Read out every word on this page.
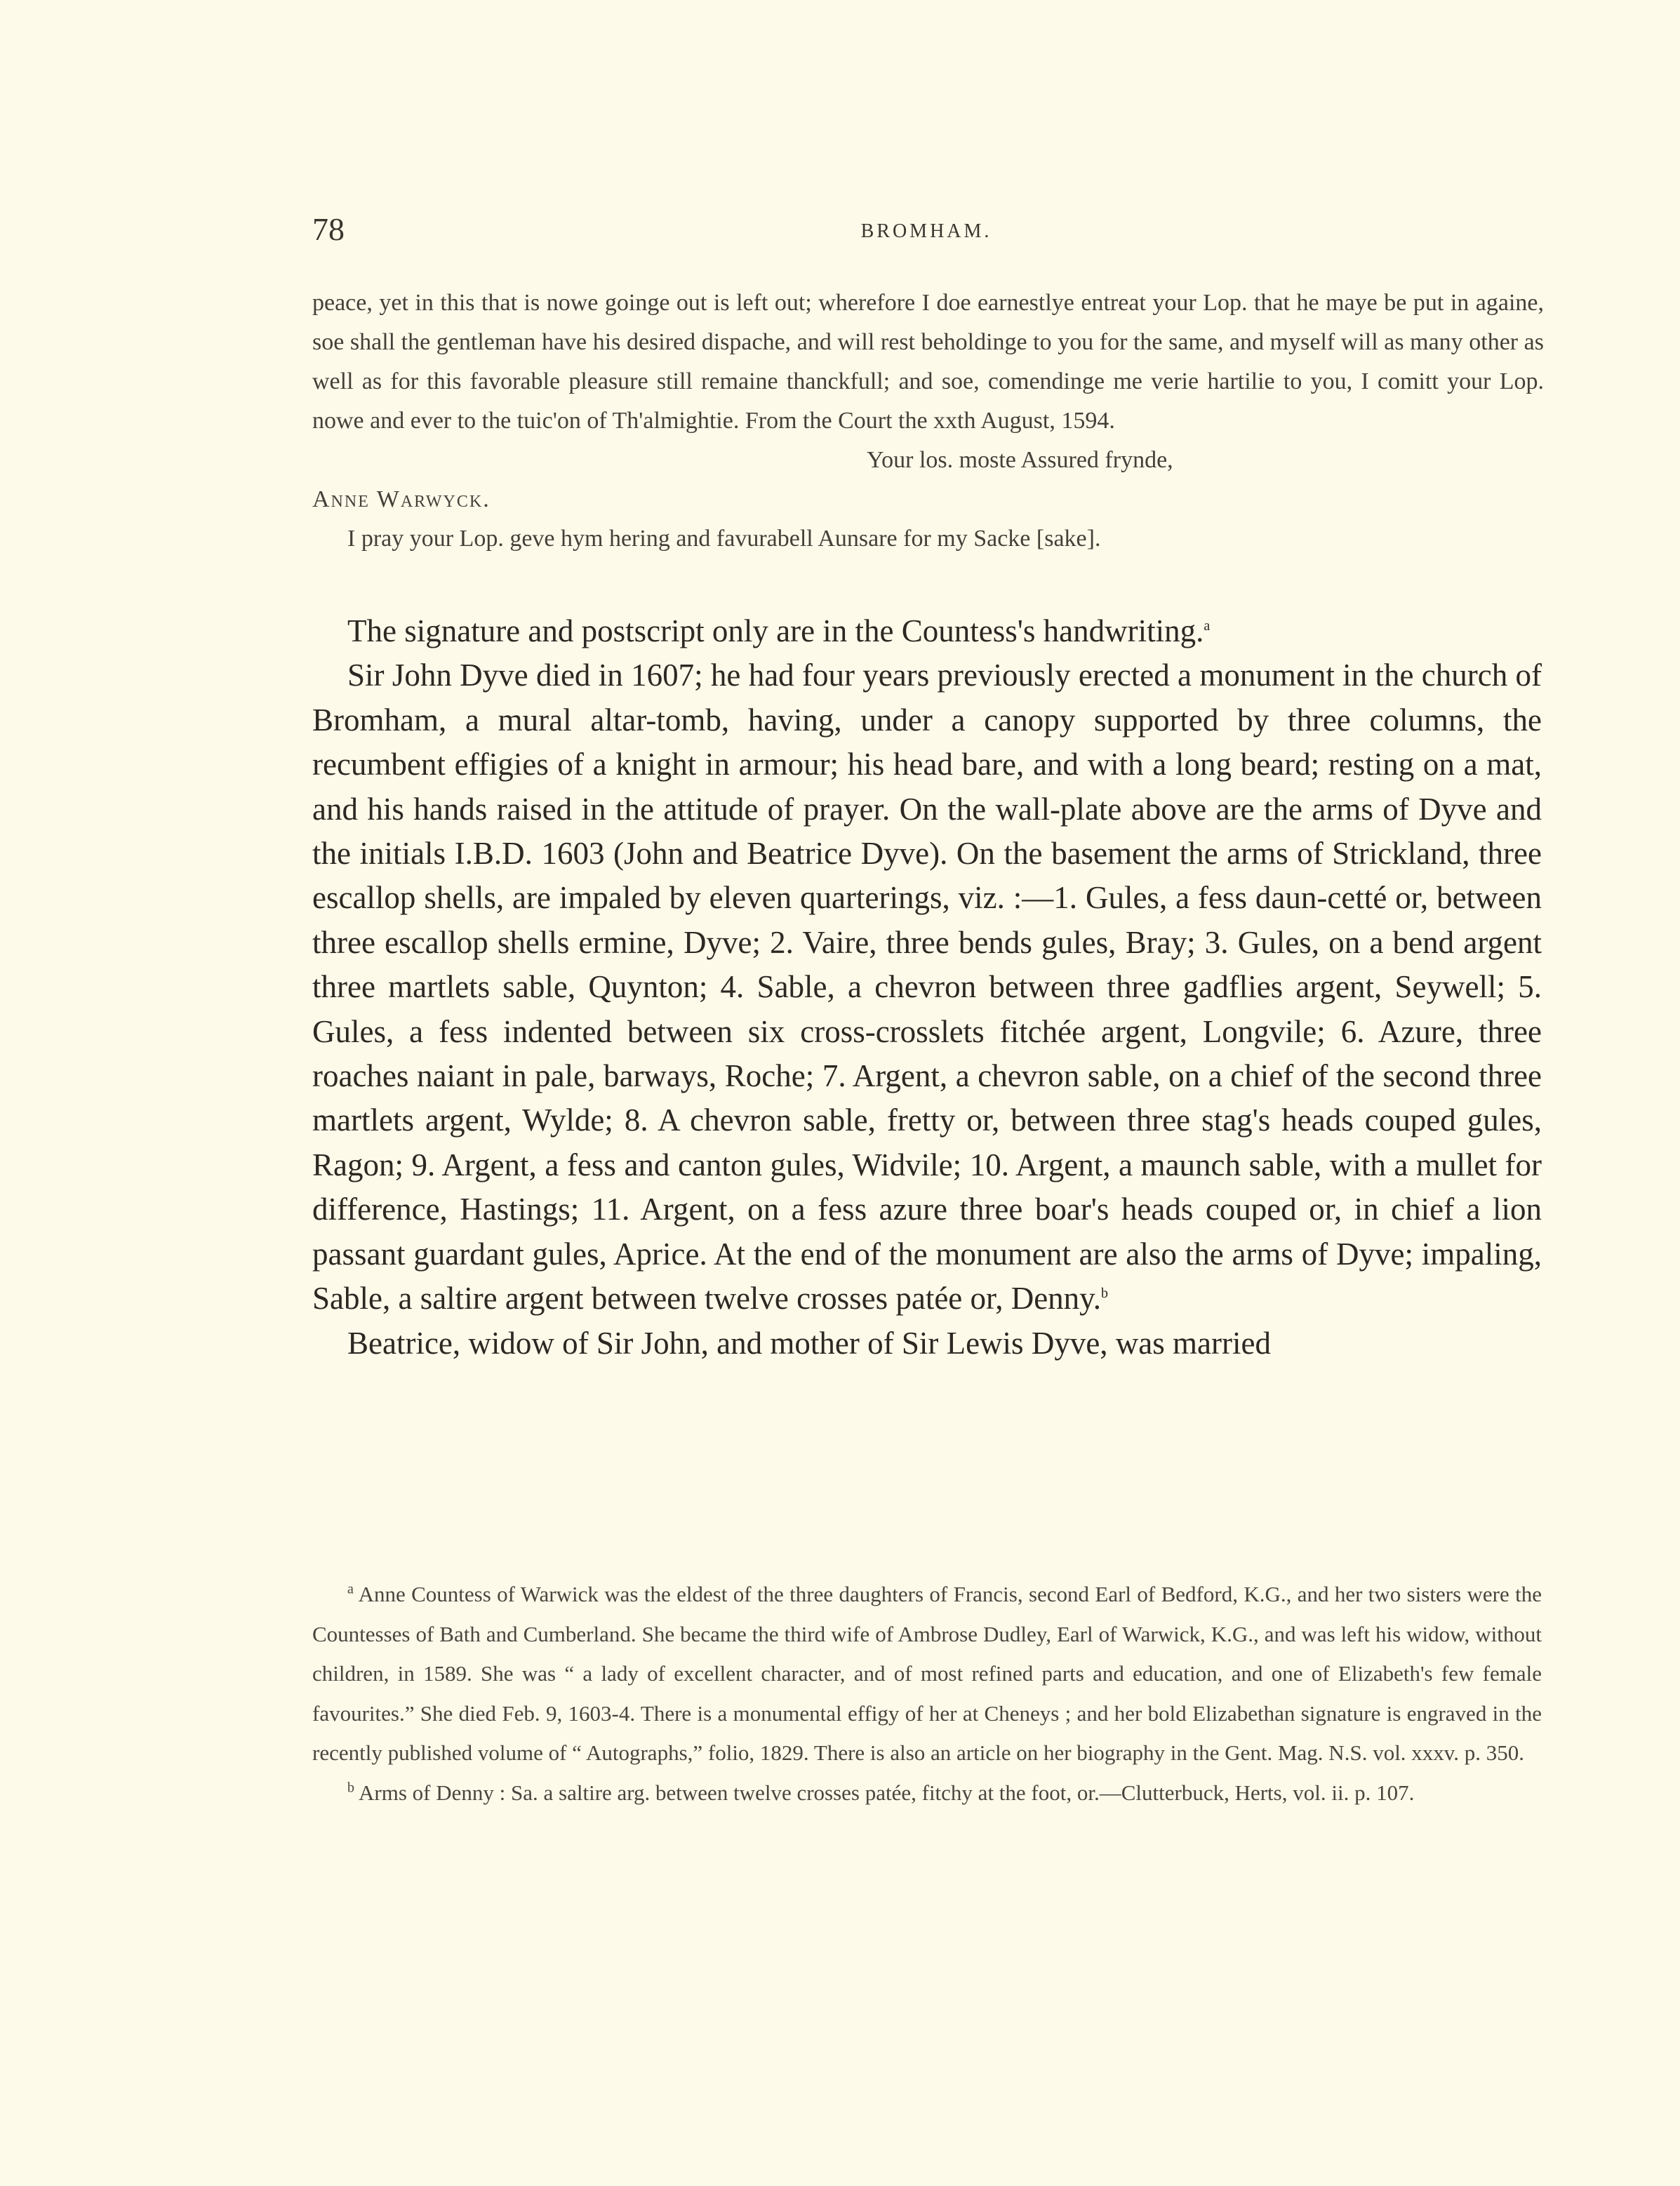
78	BROMHAM.

peace, yet in this that is nowe goinge out is left out; wherefore I doe earnestlye entreat your Lop. that he maye be put in againe, soe shall the gentleman have his desired dispache, and will rest beholdinge to you for the same, and myself will as many other as well as for this favorable pleasure still remaine thanckfull; and soe, comendinge me verie hartilie to you, I comitt your Lop. nowe and ever to the tuic'on of Th'almightie. From the Court the xxth August, 1594.

Your los. moste Assured frynde,

Anne Warwyck.

I pray your Lop. geve hym hering and favurabell Aunsare for my Sacke [sake].

The signature and postscript only are in the Countess's handwriting.$^a$

Sir John Dyve died in 1607; he had four years previously erected a monument in the church of Bromham, a mural altar-tomb, having, under a canopy supported by three columns, the recumbent effigies of a knight in armour; his head bare, and with a long beard; resting on a mat, and his hands raised in the attitude of prayer. On the wall-plate above are the arms of Dyve and the initials I.B.D. 1603 (John and Beatrice Dyve). On the basement the arms of Strickland, three escallop shells, are impaled by eleven quarterings, viz. :—1. Gules, a fess daun-cetté or, between three escallop shells ermine, Dyve; 2. Vaire, three bends gules, Bray; 3. Gules, on a bend argent three martlets sable, Quynton; 4. Sable, a chevron between three gadflies argent, Seywell; 5. Gules, a fess indented between six cross-crosslets fitchée argent, Longvile; 6. Azure, three roaches naiant in pale, barways, Roche; 7. Argent, a chevron sable, on a chief of the second three martlets argent, Wylde; 8. A chevron sable, fretty or, between three stag's heads couped gules, Ragon; 9. Argent, a fess and canton gules, Widvile; 10. Argent, a maunch sable, with a mullet for difference, Hastings; 11. Argent, on a fess azure three boar's heads couped or, in chief a lion passant guardant gules, Aprice. At the end of the monument are also the arms of Dyve; impaling, Sable, a saltire argent between twelve crosses patée or, Denny.$^b$

Beatrice, widow of Sir John, and mother of Sir Lewis Dyve, was married

$^a$ Anne Countess of Warwick was the eldest of the three daughters of Francis, second Earl of Bedford, K.G., and her two sisters were the Countesses of Bath and Cumberland. She became the third wife of Ambrose Dudley, Earl of Warwick, K.G., and was left his widow, without children, in 1589. She was “ a lady of excellent character, and of most refined parts and education, and one of Elizabeth's few female favourites.” She died Feb. 9, 1603-4. There is a monumental effigy of her at Cheneys ; and her bold Elizabethan signature is engraved in the recently published volume of “ Autographs,” folio, 1829. There is also an article on her biography in the Gent. Mag. N.S. vol. xxxv. p. 350.

$^b$ Arms of Denny : Sa. a saltire arg. between twelve crosses patée, fitchy at the foot, or.—Clutterbuck, Herts, vol. ii. p. 107.
